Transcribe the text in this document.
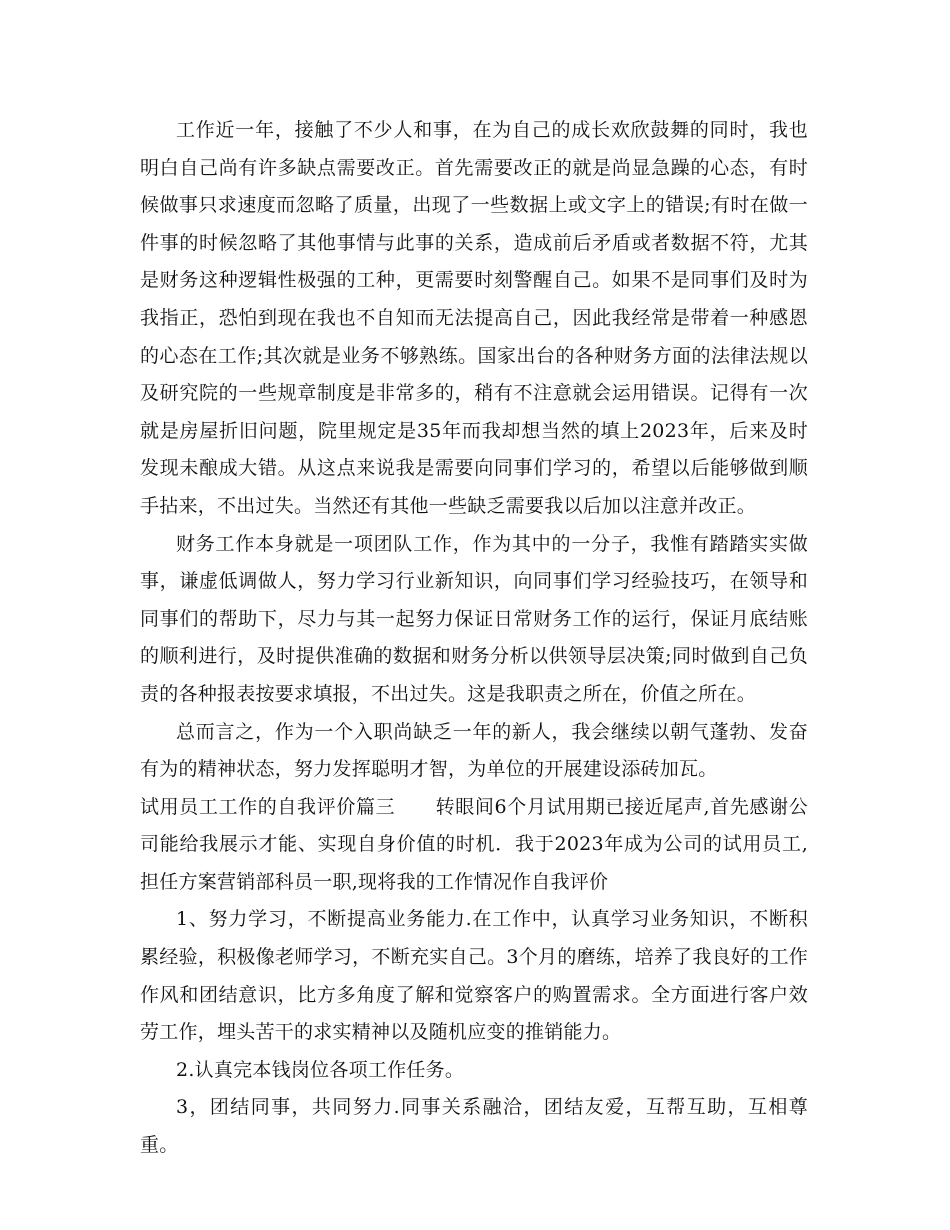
工作近一年，接触了不少人和事，在为自己的成长欢欣鼓舞的同时，我也明白自己尚有许多缺点需要改正。首先需要改正的就是尚显急躁的心态，有时候做事只求速度而忽略了质量，出现了一些数据上或文字上的错误;有时在做一件事的时候忽略了其他事情与此事的关系，造成前后矛盾或者数据不符，尤其是财务这种逻辑性极强的工种，更需要时刻警醒自己。如果不是同事们及时为我指正，恐怕到现在我也不自知而无法提高自己，因此我经常是带着一种感恩的心态在工作;其次就是业务不够熟练。国家出台的各种财务方面的法律法规以及研究院的一些规章制度是非常多的，稍有不注意就会运用错误。记得有一次就是房屋折旧问题，院里规定是35年而我却想当然的填上2023年，后来及时发现未酿成大错。从这点来说我是需要向同事们学习的，希望以后能够做到顺手拈来，不出过失。当然还有其他一些缺乏需要我以后加以注意并改正。

财务工作本身就是一项团队工作，作为其中的一分子，我惟有踏踏实实做事，谦虚低调做人，努力学习行业新知识，向同事们学习经验技巧，在领导和同事们的帮助下，尽力与其一起努力保证日常财务工作的运行，保证月底结账的顺利进行，及时提供准确的数据和财务分析以供领导层决策;同时做到自己负责的各种报表按要求填报，不出过失。这是我职责之所在，价值之所在。

总而言之，作为一个入职尚缺乏一年的新人，我会继续以朝气蓬勃、发奋有为的精神状态，努力发挥聪明才智，为单位的开展建设添砖加瓦。

试用员工工作的自我评价篇三 转眼间6个月试用期已接近尾声,首先感谢公司能给我展示才能、实现自身价值的时机．我于2023年成为公司的试用员工,担任方案营销部科员一职,现将我的工作情况作自我评价

1、努力学习，不断提高业务能力.在工作中，认真学习业务知识，不断积 累经验，积极像老师学习，不断充实自己。3个月的磨练，培养了我良好的工作作风和团结意识，比方多角度了解和觉察客户的购置需求。全方面进行客户效劳工作，埋头苦干的求实精神以及随机应变的推销能力。

2.认真完本钱岗位各项工作任务。

3，团结同事，共同努力.同事关系融洽，团结友爱，互帮互助，互相尊重。
